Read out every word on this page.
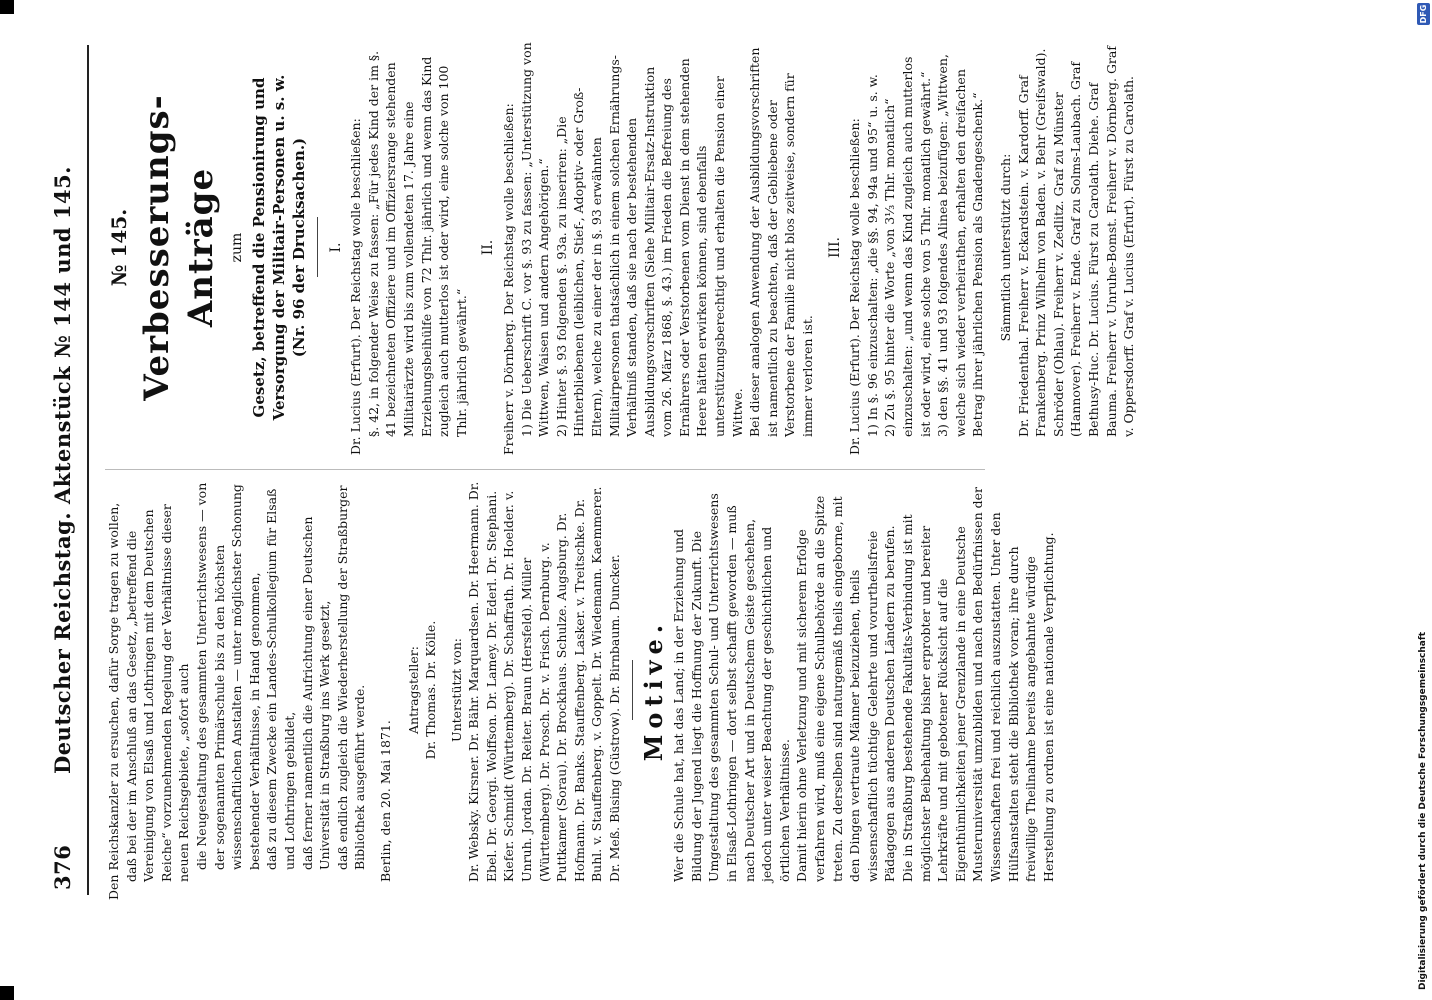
376
Deutscher Reichstag. Aktenstück № 144 und 145. Den Reichskanzler zu ersuchen, dafür Sorge tragen zu wollen, daß bei der im Anschluß an das Gesetz, „betreffend die Vereinigung von Elsaß und Lothringen mit dem Deutschen Reiche“ vorzunehmenden Regelung der Verhältnisse dieser neuen Reichsgebiete, „sofort auch die Neugestaltung des gesammten Unterrichtswesens — von der sogenannten Primärschule bis zu den höchsten wissenschaftlichen Anstalten — unter möglichster Schonung bestehender Verhältnisse, in Hand genommen, daß zu diesem Zwecke ein Landes-Schulkollegium für Elsaß und Lothringen gebildet, daß ferner namentlich die Aufrichtung einer Deutschen Universität in Straßburg ins Werk gesetzt, daß endlich zugleich die Wiederherstellung der Straßburger Bibliothek ausgeführt werde. Berlin, den 20. Mai 1871.

Antragsteller: Dr. Thomas. Dr. Kölle. Unterstützt von: Dr. Websky. Kirsner. Dr. Bähr. Marquardsen. Dr. Heermann. Dr. Ebel. Dr. Georgi. Wolffson. Dr. Lamey. Dr. Ederl. Dr. Stephani. Kiefer. Schmidt (Württemberg). Dr. Schaffrath. Dr. Hoelder. v. Unruh. Jordan. Dr. Reiter. Braun (Hersfeld). Müller (Württemberg). Dr. Prosch. Dr. v. Frisch. Dernburg. v. Puttkamer (Sorau). Dr. Brockhaus. Schulze. Augsburg. Dr. Hofmann. Dr. Banks. Stauffenberg. Lasker. v. Treitschke. Dr. Buhl. v. Stauffenberg. v. Goppelt. Dr. Wiedemann. Kaemmerer. Dr. Meß. Büsing (Güstrow). Dr. Birnbaum. Duncker. Motive. Wer die Schule hat, hat das Land; in der Erziehung und Bildung der Jugend liegt die Hoffnung der Zukunft. Die Umgestaltung des gesammten Schul- und Unterrichtswesens in Elsaß-Lothringen — dort selbst schafft geworden — muß nach Deutscher Art und in Deutschem Geiste geschehen, jedoch unter weiser Beachtung der geschichtlichen und örtlichen Verhältnisse. Damit hierin ohne Verletzung und mit sicherem Erfolge verfahren wird, muß eine eigene Schulbehörde an die Spitze treten. Zu derselben sind naturgemäß theils eingeborne, mit den Dingen vertraute Männer beizuziehen, theils wissenschaftlich tüchtige Gelehrte und vorurtheilsfreie Pädagogen aus anderen Deutschen Ländern zu berufen. Die in Straßburg bestehende Fakultäts-Verbindung ist mit möglichster Beibehaltung bisher erprobter und bereiter Lehrkräfte und mit gebotener Rücksicht auf die Eigenthümlichkeiten jener Grenzlande in eine Deutsche Musteruniversität umzubilden und nach den Bedürfnissen der Wissenschaften frei und reichlich auszustatten. Unter den Hülfsanstalten steht die Bibliothek voran; ihre durch freiwillige Theilnahme bereits angebahnte würdige Herstellung zu ordnen ist eine nationale Verpflichtung.

№ 145. Verbesserungs-Anträge zum Gesetz, betreffend die Pensionirung und Versorgung der Militair-Personen u. s. w. (Nr. 96 der Drucksachen.) I. Dr. Lucius (Erfurt). Der Reichstag wolle beschließen: §. 42, in folgender Weise zu fassen: „Für jedes Kind der im §. 41 bezeichneten Offiziere und im Offiziersrange stehenden Militairärzte wird bis zum vollendeten 17. Jahre eine Erziehungsbeihülfe von 72 Thlr. jährlich und wenn das Kind zugleich auch mutterlos ist oder wird, eine solche von 100 Thlr. jährlich gewährt.“

II. Freiherr v. Dörnberg. Der Reichstag wolle beschließen: 1) Die Ueberschrift C. vor §. 93 zu fassen: „Unterstützung von Wittwen, Waisen und andern Angehörigen.“ 2) Hinter §. 93 folgenden §. 93a. zu inseriren: „Die Hinterbliebenen (leiblichen, Stief-, Adoptiv- oder Groß-Eltern), welche zu einer der in §. 93 erwähnten Militairpersonen thatsächlich in einem solchen Ernährungs-Verhältniß standen, daß sie nach der bestehenden Ausbildungsvorschriften (Siehe Militair-Ersatz-Instruktion vom 26. März 1868, §. 43.) im Frieden die Befreiung des Ernährers oder Verstorbenen vom Dienst in dem stehenden Heere hätten erwirken können, sind ebenfalls unterstützungsberechtigt und erhalten die Pension einer Wittwe. Bei dieser analogen Anwendung der Ausbildungsvorschriften ist namentlich zu beachten, daß der Gebliebene oder Verstorbene der Familie nicht blos zeitweise, sondern für immer verloren ist.

III. Dr. Lucius (Erfurt). Der Reichstag wolle beschließen: 1) In §. 96 einzuschalten: „die §§. 94, 94a und 95“ u. s. w. 2) Zu §. 95 hinter die Worte „von 3⅓ Thlr. monatlich“ einzuschalten: „und wenn das Kind zugleich auch mutterlos ist oder wird, eine solche von 5 Thlr. monatlich gewährt.“ 3) den §§. 41 und 93 folgendes Alinea beizufügen: „Wittwen, welche sich wieder verheirathen, erhalten den dreifachen Betrag ihrer jährlichen Pension als Gnadengeschenk.“ Sämmtlich unterstützt durch: Dr. Friedenthal. Freiherr v. Eckardstein. v. Kardorff. Graf Frankenberg. Prinz Wilhelm von Baden. v. Behr (Greifswald). Schröder (Ohlau). Freiherr v. Zedlitz. Graf zu Münster (Hannover). Freiherr v. Ende. Graf zu Solms-Laubach. Graf Bethusy-Huc. Dr. Lucius. Fürst zu Carolath. Diehe. Graf Bauma. Freiherr v. Unruhe-Bomst. Freiherr v. Dörnberg. Graf v. Oppersdorff. Graf v. Lucius (Erfurt). Fürst zu Carolath.

Digitalisierung gefördert durch die Deutsche Forschungsgemeinschaft
DFG
